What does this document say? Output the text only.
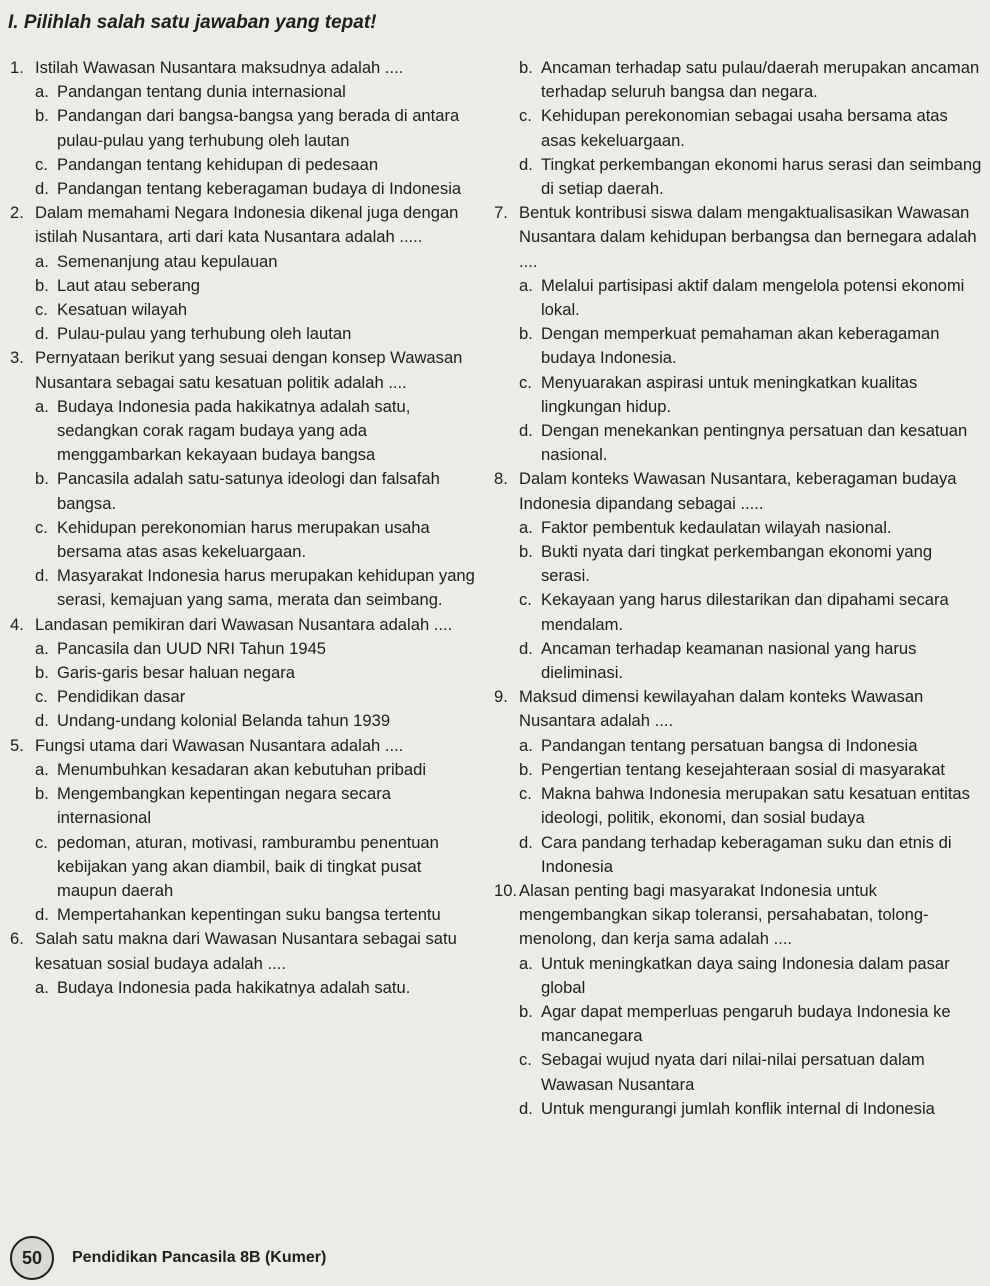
I. Pilihlah salah satu jawaban yang tepat!
1. Istilah Wawasan Nusantara maksudnya adalah ....
a. Pandangan tentang dunia internasional
b. Pandangan dari bangsa-bangsa yang berada di antara pulau-pulau yang terhubung oleh lautan
c. Pandangan tentang kehidupan di pedesaan
d. Pandangan tentang keberagaman budaya di Indonesia
2. Dalam memahami Negara Indonesia dikenal juga dengan istilah Nusantara, arti dari kata Nusantara adalah .....
a. Semenanjung atau kepulauan
b. Laut atau seberang
c. Kesatuan wilayah
d. Pulau-pulau yang terhubung oleh lautan
3. Pernyataan berikut yang sesuai dengan konsep Wawasan Nusantara sebagai satu kesatuan politik adalah ....
a. Budaya Indonesia pada hakikatnya adalah satu, sedangkan corak ragam budaya yang ada menggambarkan kekayaan budaya bangsa
b. Pancasila adalah satu-satunya ideologi dan falsafah bangsa.
c. Kehidupan perekonomian harus merupakan usaha bersama atas asas kekeluargaan.
d. Masyarakat Indonesia harus merupakan kehidupan yang serasi, kemajuan yang sama, merata dan seimbang.
4. Landasan pemikiran dari Wawasan Nusantara adalah ....
a. Pancasila dan UUD NRI Tahun 1945
b. Garis-garis besar haluan negara
c. Pendidikan dasar
d. Undang-undang kolonial Belanda tahun 1939
5. Fungsi utama dari Wawasan Nusantara adalah ....
a. Menumbuhkan kesadaran akan kebutuhan pribadi
b. Mengembangkan kepentingan negara secara internasional
c. pedoman, aturan, motivasi, ramburambu penentuan kebijakan yang akan diambil, baik di tingkat pusat maupun daerah
d. Mempertahankan kepentingan suku bangsa tertentu
6. Salah satu makna dari Wawasan Nusantara sebagai satu kesatuan sosial budaya adalah ....
a. Budaya Indonesia pada hakikatnya adalah satu.
b. Ancaman terhadap satu pulau/daerah merupakan ancaman terhadap seluruh bangsa dan negara.
c. Kehidupan perekonomian sebagai usaha bersama atas asas kekeluargaan.
d. Tingkat perkembangan ekonomi harus serasi dan seimbang di setiap daerah.
7. Bentuk kontribusi siswa dalam mengaktualisasikan Wawasan Nusantara dalam kehidupan berbangsa dan bernegara adalah ....
a. Melalui partisipasi aktif dalam mengelola potensi ekonomi lokal.
b. Dengan memperkuat pemahaman akan keberagaman budaya Indonesia.
c. Menyuarakan aspirasi untuk meningkatkan kualitas lingkungan hidup.
d. Dengan menekankan pentingnya persatuan dan kesatuan nasional.
8. Dalam konteks Wawasan Nusantara, keberagaman budaya Indonesia dipandang sebagai .....
a. Faktor pembentuk kedaulatan wilayah nasional.
b. Bukti nyata dari tingkat perkembangan ekonomi yang serasi.
c. Kekayaan yang harus dilestarikan dan dipahami secara mendalam.
d. Ancaman terhadap keamanan nasional yang harus dieliminasi.
9. Maksud dimensi kewilayahan dalam konteks Wawasan Nusantara adalah ....
a. Pandangan tentang persatuan bangsa di Indonesia
b. Pengertian tentang kesejahteraan sosial di masyarakat
c. Makna bahwa Indonesia merupakan satu kesatuan entitas ideologi, politik, ekonomi, dan sosial budaya
d. Cara pandang terhadap keberagaman suku dan etnis di Indonesia
10. Alasan penting bagi masyarakat Indonesia untuk mengembangkan sikap toleransi, persahabatan, tolong-menolong, dan kerja sama adalah ....
a. Untuk meningkatkan daya saing Indonesia dalam pasar global
b. Agar dapat memperluas pengaruh budaya Indonesia ke mancanegara
c. Sebagai wujud nyata dari nilai-nilai persatuan dalam Wawasan Nusantara
d. Untuk mengurangi jumlah konflik internal di Indonesia
50	Pendidikan Pancasila 8B (Kumer)
